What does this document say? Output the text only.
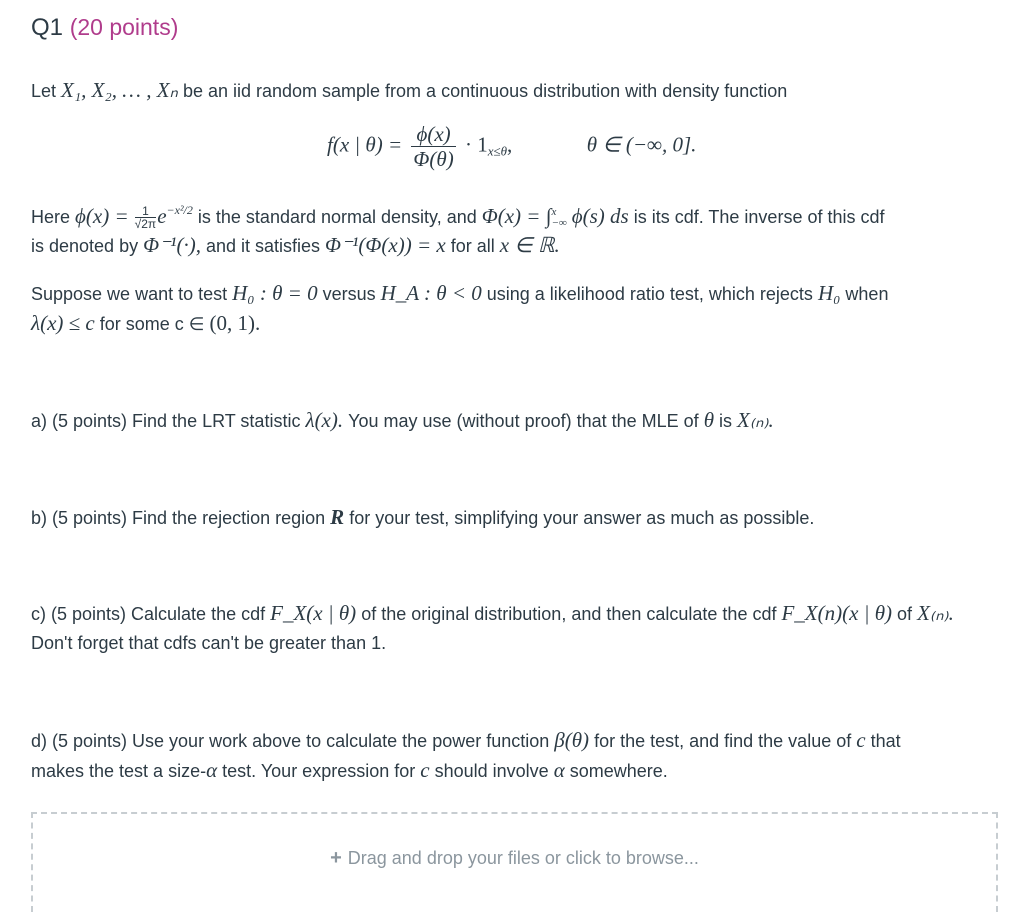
Q1 (20 points)
Let X₁, X₂, … , Xₙ be an iid random sample from a continuous distribution with density function
f(x | $\theta) = \frac{\phi(x)}{\Phi(\theta)} \cdot 1_{x\le\theta}$,	θ ∈ (−∞, 0].
Here $\phi(x) = \frac{1}{√2\pi} e^{-x^2/2}$ is the standard normal density, and Φ(x) = ∫ x
−∞ ϕ(s) ds is its cdf. The inverse of this cdf
is denoted by Φ⁻¹(·), and it satisfies Φ⁻¹(Φ(x)) = x for all x ∈ ℝ.
Suppose we want to test H₀ : θ = 0 versus H_A : θ < 0 using a likelihood ratio test, which rejects H₀ when
λ(x) ≤ c for some c ∈ (0, 1).
a) (5 points) Find the LRT statistic λ(x). You may use (without proof) that the MLE of θ is X₍ₙ₎.
b) (5 points) Find the rejection region R for your test, simplifying your answer as much as possible.
c) (5 points) Calculate the cdf F_X(x | θ) of the original distribution, and then calculate the cdf F_X(n)(x | θ) of X₍ₙ₎.
Don't forget that cdfs can't be greater than 1.
d) (5 points) Use your work above to calculate the power function β(θ) for the test, and find the value of c that
makes the test a size-α test. Your expression for c should involve α somewhere.
+ Drag and drop your files or click to browse...
